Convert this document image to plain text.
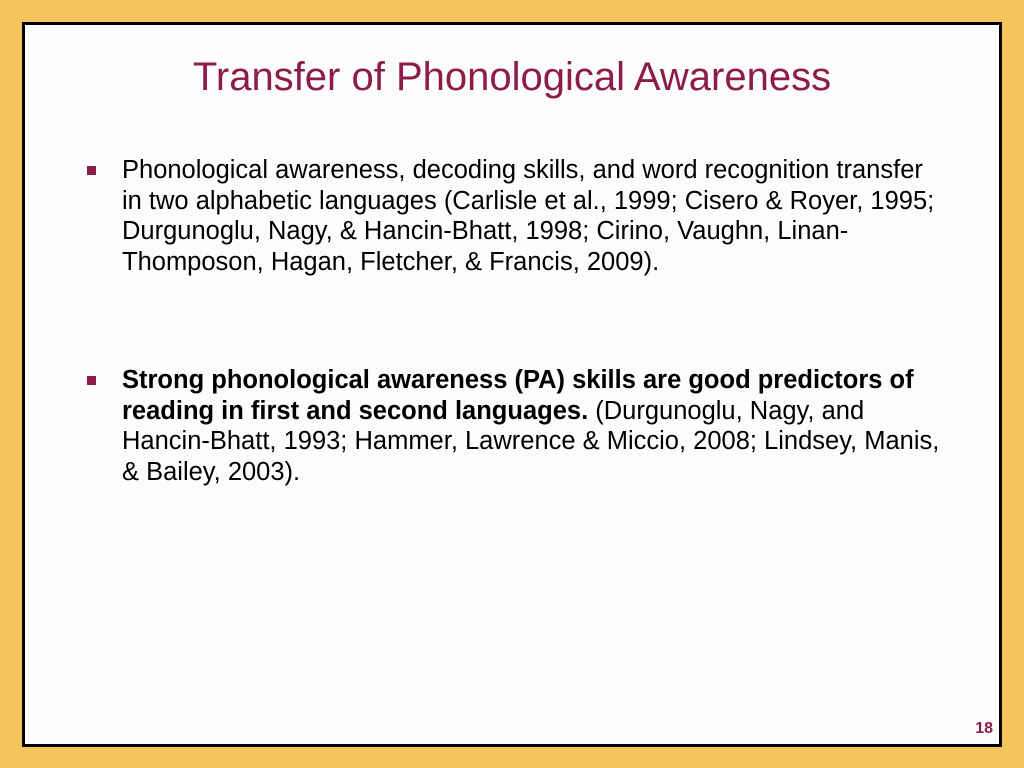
Transfer of Phonological Awareness
Phonological awareness, decoding skills, and word recognition transfer in two alphabetic languages (Carlisle et al., 1999; Cisero & Royer, 1995; Durgunoglu, Nagy, & Hancin-Bhatt, 1998; Cirino, Vaughn, Linan-Thomposon, Hagan, Fletcher, & Francis, 2009).
Strong phonological awareness (PA) skills are good predictors of reading in first and second languages. (Durgunoglu, Nagy, and Hancin-Bhatt, 1993; Hammer, Lawrence & Miccio, 2008; Lindsey, Manis, & Bailey, 2003).
18
